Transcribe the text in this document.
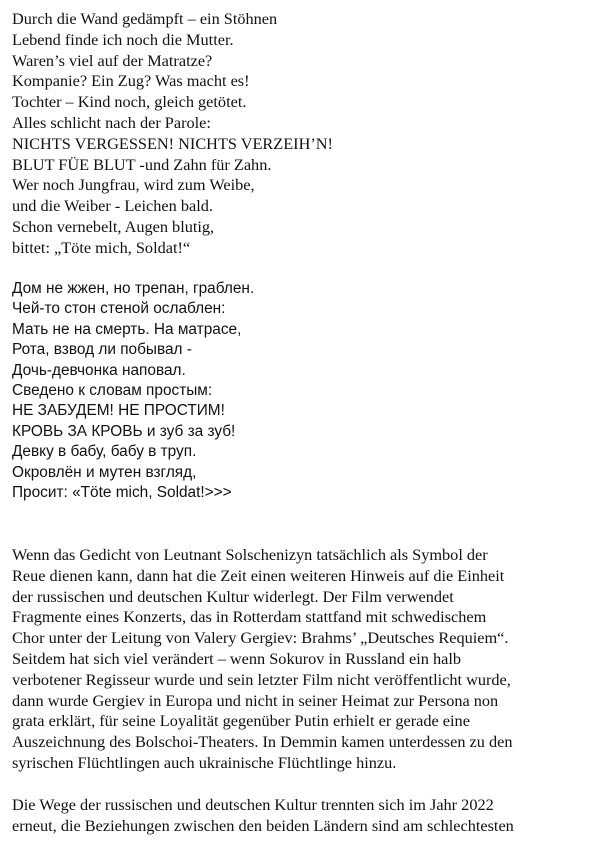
Durch die Wand gedämpft – ein Stöhnen
Lebend finde ich noch die Mutter.
Waren’s viel auf der Matratze?
Kompanie? Ein Zug? Was macht es!
Tochter – Kind noch, gleich getötet.
Alles schlicht nach der Parole:
NICHTS VERGESSEN! NICHTS VERZEIH’N!
BLUT FÜE BLUT -und Zahn für Zahn.
Wer noch Jungfrau, wird zum Weibe,
und die Weiber - Leichen bald.
Schon vernebelt, Augen blutig,
bittet: „Töte mich, Soldat!“
Дом не жжен, но трепан, граблен.
Чей-то стон стеной ослаблен:
Мать не на смерть. На матрасе,
Рота, взвод ли побывал -
Дочь-девчонка наповал.
Сведено к словам простым:
НЕ ЗАБУДЕМ! НЕ ПРОСТИМ!
КРОВЬ ЗА КРОВЬ и зуб за зуб!
Девку в бабу, бабу в труп.
Окровлён и мутен взгляд,
Просит: «Töte mich, Soldat!>>>
Wenn das Gedicht von Leutnant Solschenizyn tatsächlich als Symbol der
Reue dienen kann, dann hat die Zeit einen weiteren Hinweis auf die Einheit
der russischen und deutschen Kultur widerlegt. Der Film verwendet
Fragmente eines Konzerts, das in Rotterdam stattfand mit schwedischem
Chor unter der Leitung von Valery Gergiev: Brahms’ „Deutsches Requiem“.
Seitdem hat sich viel verändert – wenn Sokurov in Russland ein halb
verbotener Regisseur wurde und sein letzter Film nicht veröffentlicht wurde,
dann wurde Gergiev in Europa und nicht in seiner Heimat zur Persona non
grata erklärt, für seine Loyalität gegenüber Putin erhielt er gerade eine
Auszeichnung des Bolschoi-Theaters. In Demmin kamen unterdessen zu den
syrischen Flüchtlingen auch ukrainische Flüchtlinge hinzu.
Die Wege der russischen und deutschen Kultur trennten sich im Jahr 2022
erneut, die Beziehungen zwischen den beiden Ländern sind am schlechtesten
